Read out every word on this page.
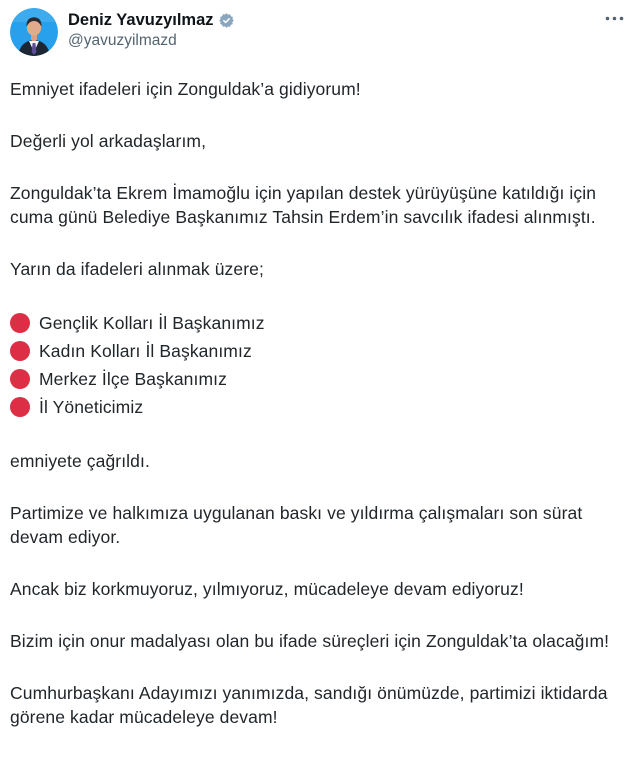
Deniz Yavuzyılmaz
@yavuzyilmazd

Emniyet ifadeleri için Zonguldak’a gidiyorum!

Değerli yol arkadaşlarım,

Zonguldak’ta Ekrem İmamoğlu için yapılan destek yürüyüşüne katıldığı için cuma günü Belediye Başkanımız Tahsin Erdem’in savcılık ifadesi alınmıştı.

Yarın da ifadeleri alınmak üzere;

Gençlik Kolları İl Başkanımız
Kadın Kolları İl Başkanımız
Merkez İlçe Başkanımız
İl Yöneticimiz

emniyete çağrıldı.

Partimize ve halkımıza uygulanan baskı ve yıldırma çalışmaları son sürat devam ediyor.

Ancak biz korkmuyoruz, yılmıyoruz, mücadeleye devam ediyoruz!

Bizim için onur madalyası olan bu ifade süreçleri için Zonguldak’ta olacağım!

Cumhurbaşkanı Adayımızı yanımızda, sandığı önümüzde, partimizi iktidarda görene kadar mücadeleye devam!
